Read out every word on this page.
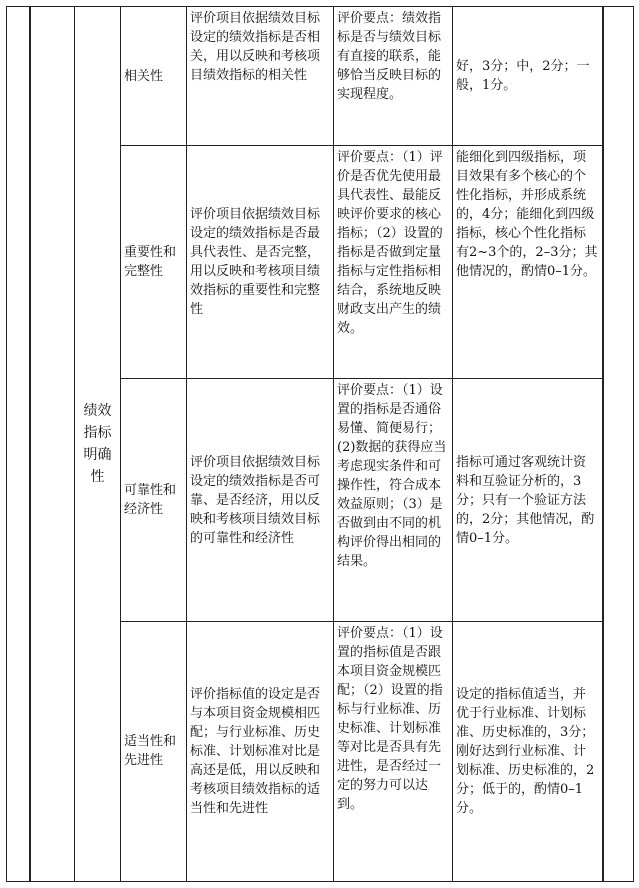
		绩效指标明确性	相关性	评价项目依据绩效目标设定的绩效指标是否相关，用以反映和考核项目绩效指标的相关性	评价要点：绩效指标是否与绩效目标有直接的联系，能够恰当反映目标的实现程度。	好，3分；中，2分；一般，1分。	
			重要性和完整性	评价项目依据绩效目标设定的绩效指标是否最具代表性、是否完整，用以反映和考核项目绩效指标的重要性和完整性	评价要点：（1）评价是否优先使用最具代表性、最能反映评价要求的核心指标；（2）设置的指标是否做到定量指标与定性指标相结合，系统地反映财政支出产生的绩效。	能细化到四级指标，项目效果有多个核心的个性化指标，并形成系统的，4分；能细化到四级指标，核心个性化指标有2~3个的，2–3分；其他情况的，酌情0–1分。	
			可靠性和经济性	评价项目依据绩效目标设定的绩效指标是否可靠、是否经济，用以反映和考核项目绩效目标的可靠性和经济性	评价要点：（1）设置的指标是否通俗易懂、简便易行；(2)数据的获得应当考虑现实条件和可操作性，符合成本效益原则；（3）是否做到由不同的机构评价得出相同的结果。	指标可通过客观统计资料和互验证分析的，3分；只有一个验证方法的，2分；其他情况，酌情0–1分。	
			适当性和先进性	评价指标值的设定是否与本项目资金规模相匹配；与行业标准、历史标准、计划标准对比是高还是低，用以反映和考核项目绩效指标的适当性和先进性	评价要点：（1）设置的指标值是否跟本项目资金规模匹配；（2）设置的指标与行业标准、历史标准、计划标准等对比是否具有先进性，是否经过一定的努力可以达到。	设定的指标值适当，并优于行业标准、计划标准、历史标准的，3分；刚好达到行业标准、计划标准、历史标准的，2分；低于的，酌情0–1分。	
